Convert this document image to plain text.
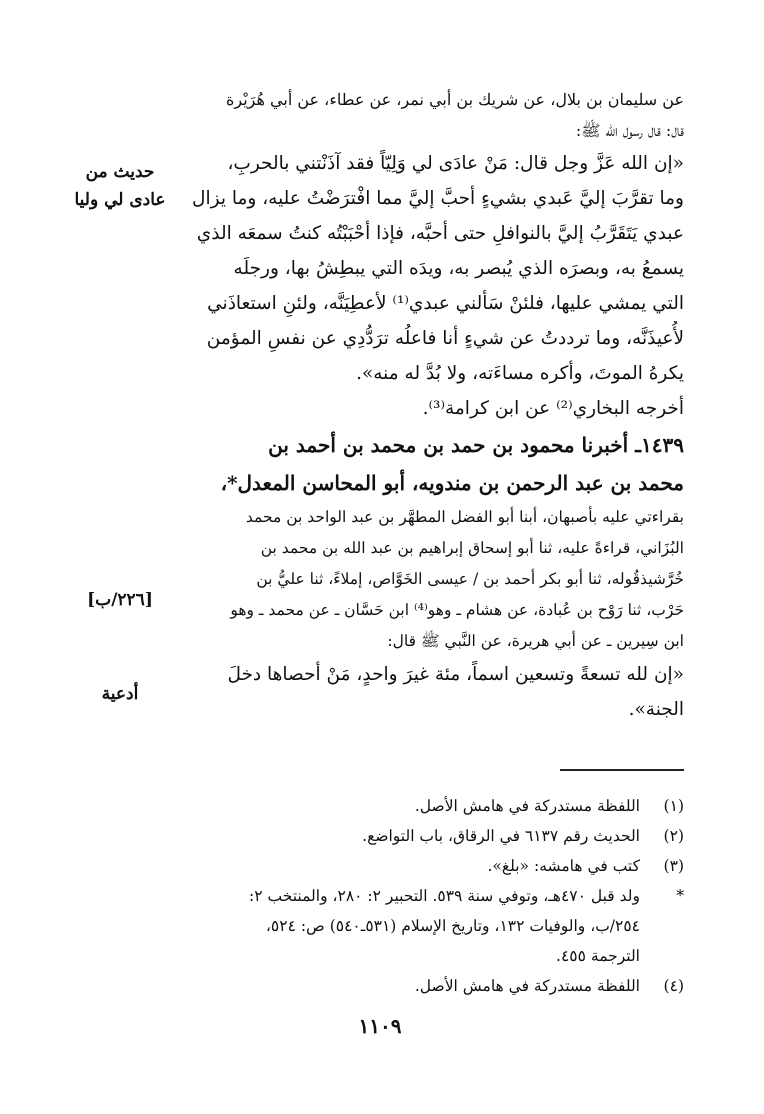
عن سليمان بن بلال، عن شريك بن أبي نمر، عن عطاء، عن أبي هُرَيْرة
قال: قال رسول الله ﷺ:

«إن الله عَزَّ وجل قال: مَنْ عادَى لي وَلِيّاً فقد آذَنْتني بالحربِ،
وما تقرَّبَ إليَّ عَبدي بشيءٍ أحبَّ إليَّ مما افْترَضْتُ عليه، وما يزال
عبدي يَتَقَرَّبُ إليَّ بالنوافلِ حتى أحبَّه، فإذا أحْبَبْتُه كنتُ سمعَه الذي
يسمعُ به، وبصرَه الذي يُبصر به، ويدَه التي يبطِشُ بها، ورجلَه
التي يمشي عليها، فلئنْ سَألني عبدي⁽¹⁾ لأعطِيَنَّه، ولئنِ استعاذَني
لأُعيذَنَّه، وما ترددتُ عن شيءٍ أنا فاعلُه ترَدُّدِي عن نفسِ المؤمن
يكرهُ الموتَ، وأكره مساءَته، ولا بُدَّ له منه».
أخرجه البخاري⁽²⁾ عن ابن كرامة⁽³⁾.

١٤٣٩ـ أخبرنا محمود بن حمد بن محمد بن أحمد بن
محمد بن عبد الرحمن بن مندويه، أبو المحاسن المعدل*،

بقراءتي عليه بأصبهان، أبنا أبو الفضل المطهَّر بن عبد الواحد بن محمد
البُزَاني، قراءةً عليه، ثنا أبو إسحاق إبراهيم بن عبد الله بن محمد بن
خُرَّشيذقُوله، ثنا أبو بكر أحمد بن / عيسى الخَوَّاص، إملاءً، ثنا عليُّ بن
حَرْب، ثنا رَوْح بن عُبادة، عن هشام ـ وهو⁽⁴⁾ ابن حَسَّان ـ عن محمد ـ وهو
ابن سِيرين ـ عن أبي هريرة، عن النَّبي ﷺ قال:

«إن لله تسعةً وتسعين اسماً، مئة غيرَ واحدٍ، مَنْ أحصاها دخلَ
الجنة».

حديث من
عادى لي وليا
[٢٢٦/ب]
أدعية
(١)
اللفظة مستدركة في هامش الأصل.
(٢)
الحديث رقم ٦١٣٧ في الرقاق، باب التواضع.
(٣)
كتب في هامشه: «بلغ».
*
ولد قبل ٤٧٠هـ، وتوفي سنة ٥٣٩. التحبير ٢: ٢٨٠، والمنتخب ٢:
٢٥٤/ب، والوفيات ١٣٢، وتاريخ الإسلام (٥٣١ـ٥٤٠) ص: ٥٢٤،
الترجمة ٤٥٥.
(٤)
اللفظة مستدركة في هامش الأصل.
١١٠٩
